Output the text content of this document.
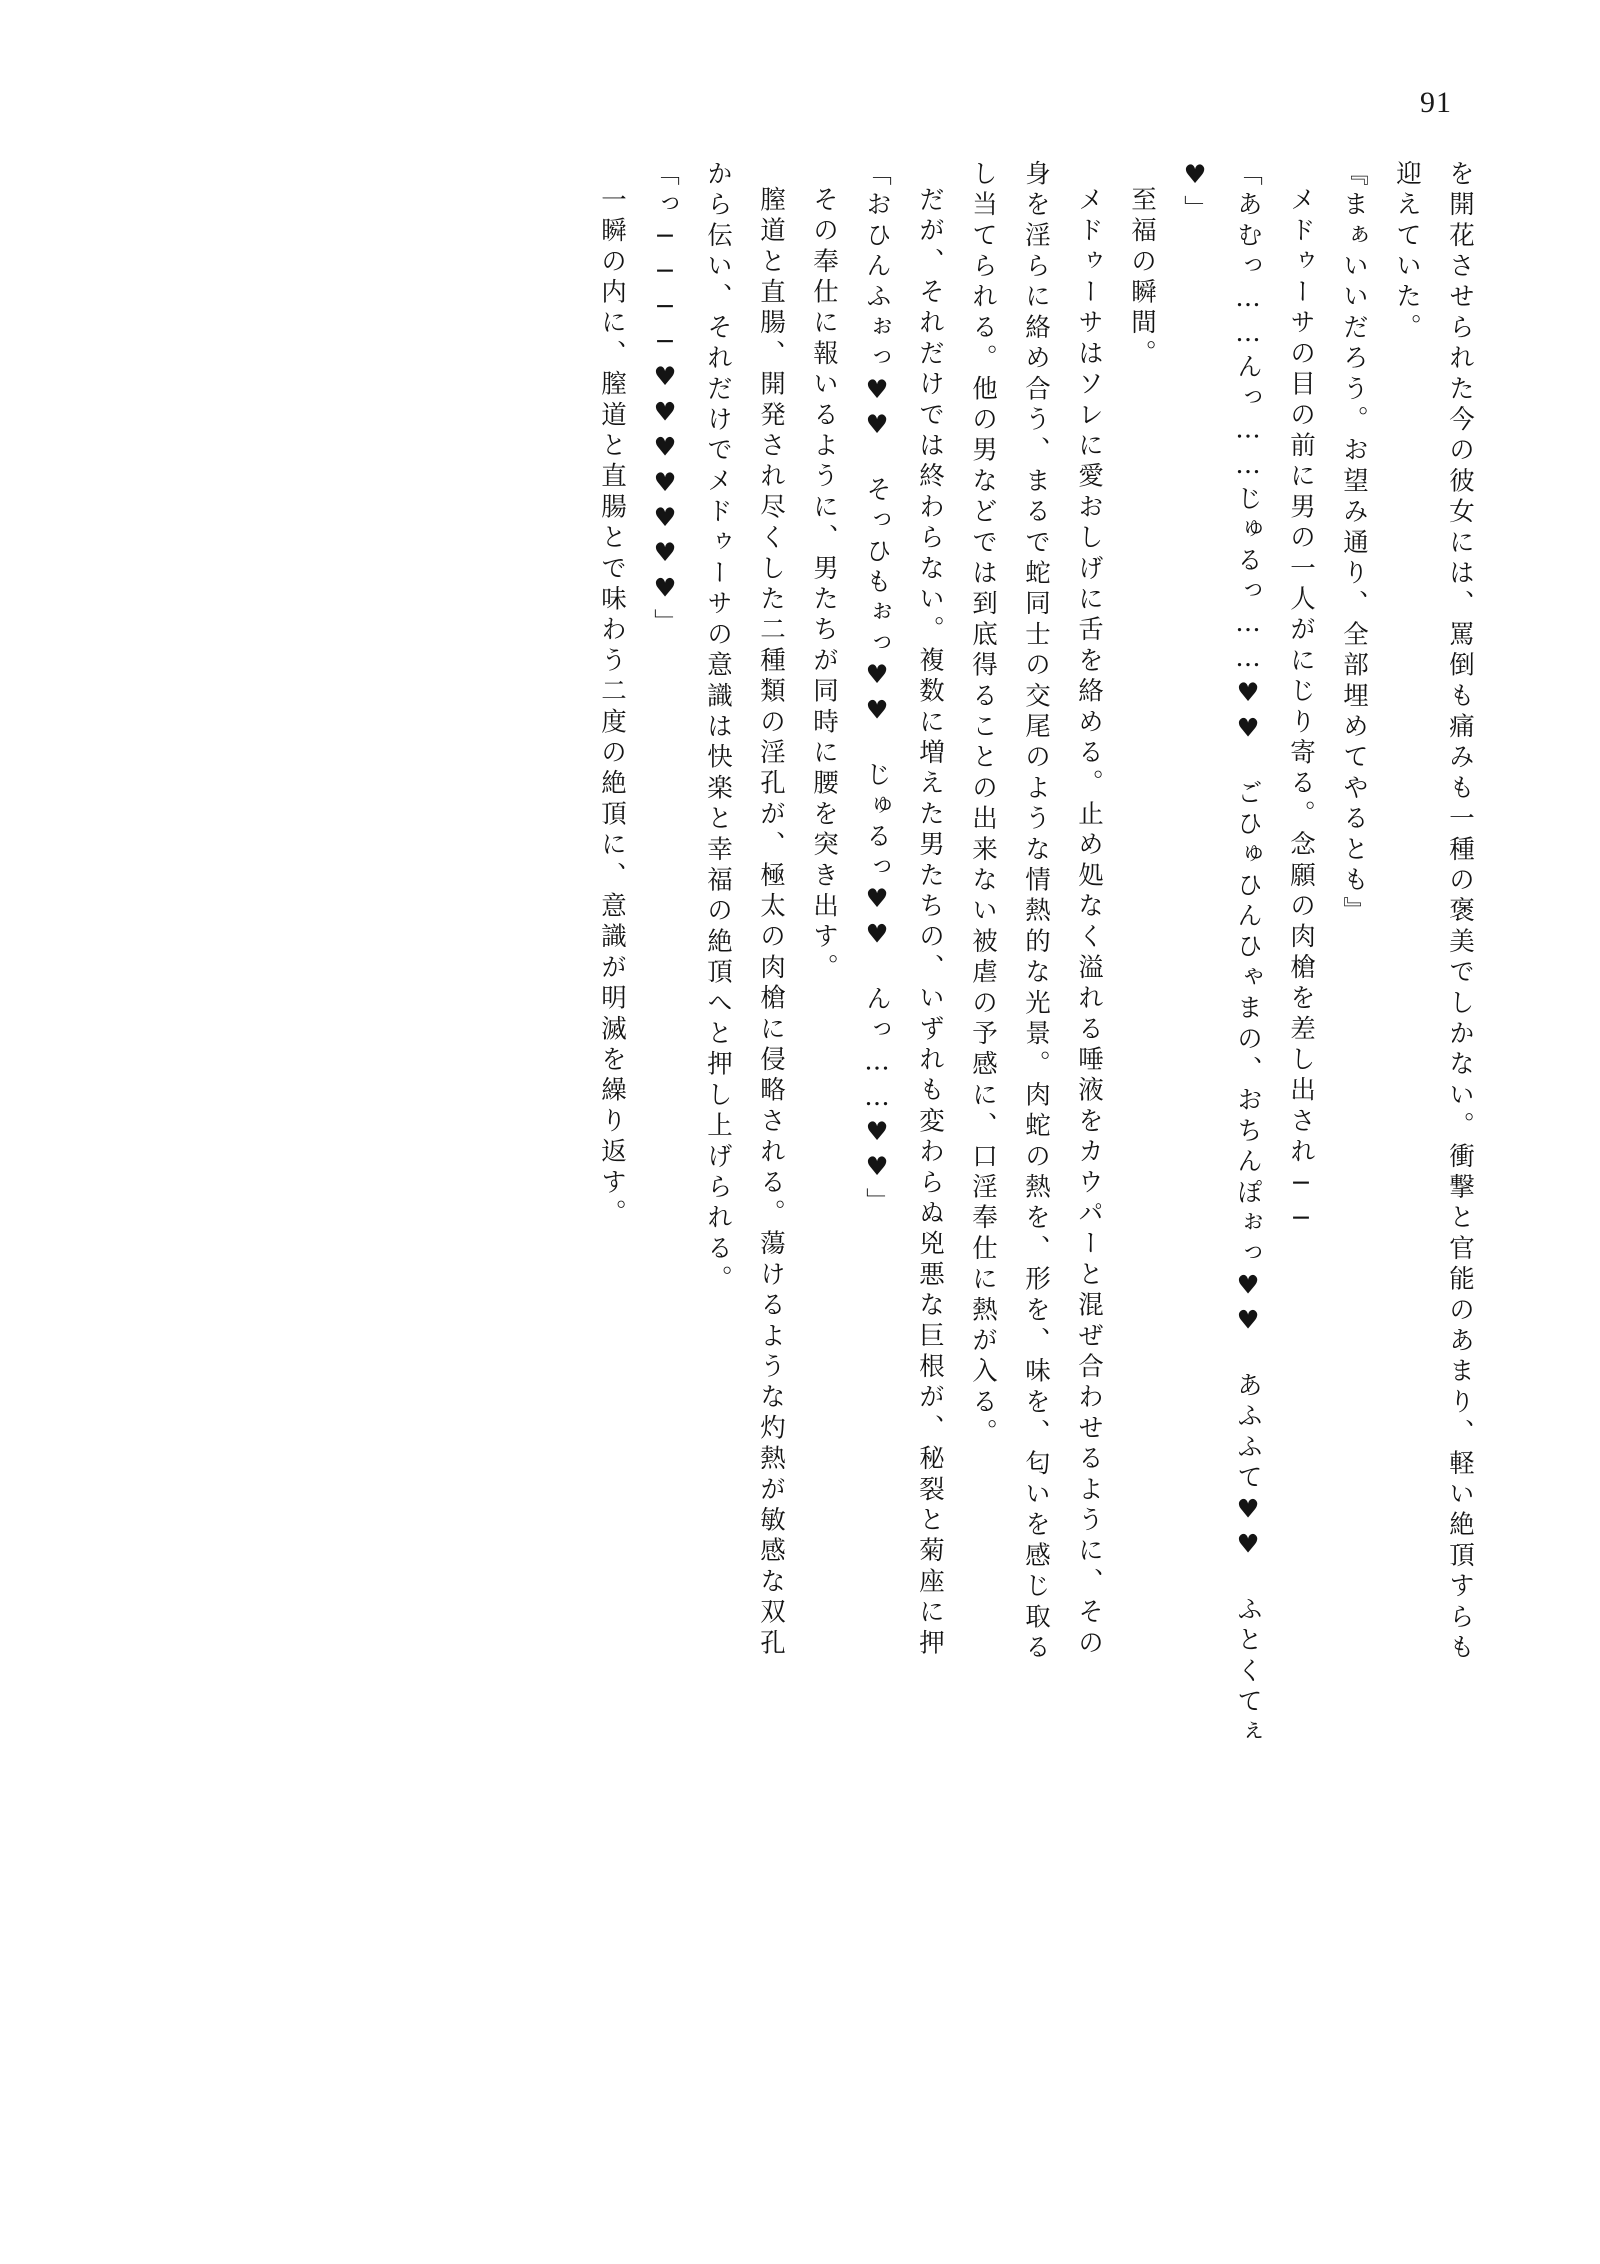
91
を開花させられた今の彼女には、罵倒も痛みも一種の褒美でしかない。衝撃と官能のあまり、軽い絶頂すらも
迎えていた。
『まぁいいだろう。お望み通り、全部埋めてやるとも』
メドゥーサの目の前に男の一人がにじり寄る。念願の肉槍を差し出され──
「あむっ……んっ……じゅるっ……♥♥　ごひゅひんひゃまの、おちんぽぉっ♥♥　あふふて♥♥　ふとくてぇ
♥」
至福の瞬間。
メドゥーサはソレに愛おしげに舌を絡める。止め処なく溢れる唾液をカウパーと混ぜ合わせるように、その
身を淫らに絡め合う、まるで蛇同士の交尾のような情熱的な光景。肉蛇の熱を、形を、味を、匂いを感じ取る
し当てられる。他の男などでは到底得ることの出来ない被虐の予感に、口淫奉仕に熱が入る。
だが、それだけでは終わらない。複数に増えた男たちの、いずれも変わらぬ兇悪な巨根が、秘裂と菊座に押
「おひんふぉっ♥♥　そっひもぉっ♥♥　じゅるっ♥♥　んっ……♥♥」
その奉仕に報いるように、男たちが同時に腰を突き出す。
膣道と直腸、開発され尽くした二種類の淫孔が、極太の肉槍に侵略される。蕩けるような灼熱が敏感な双孔
から伝い、それだけでメドゥーサの意識は快楽と幸福の絶頂へと押し上げられる。
「っ────♥♥♥♥♥♥♥」
一瞬の内に、膣道と直腸とで味わう二度の絶頂に、意識が明滅を繰り返す。
